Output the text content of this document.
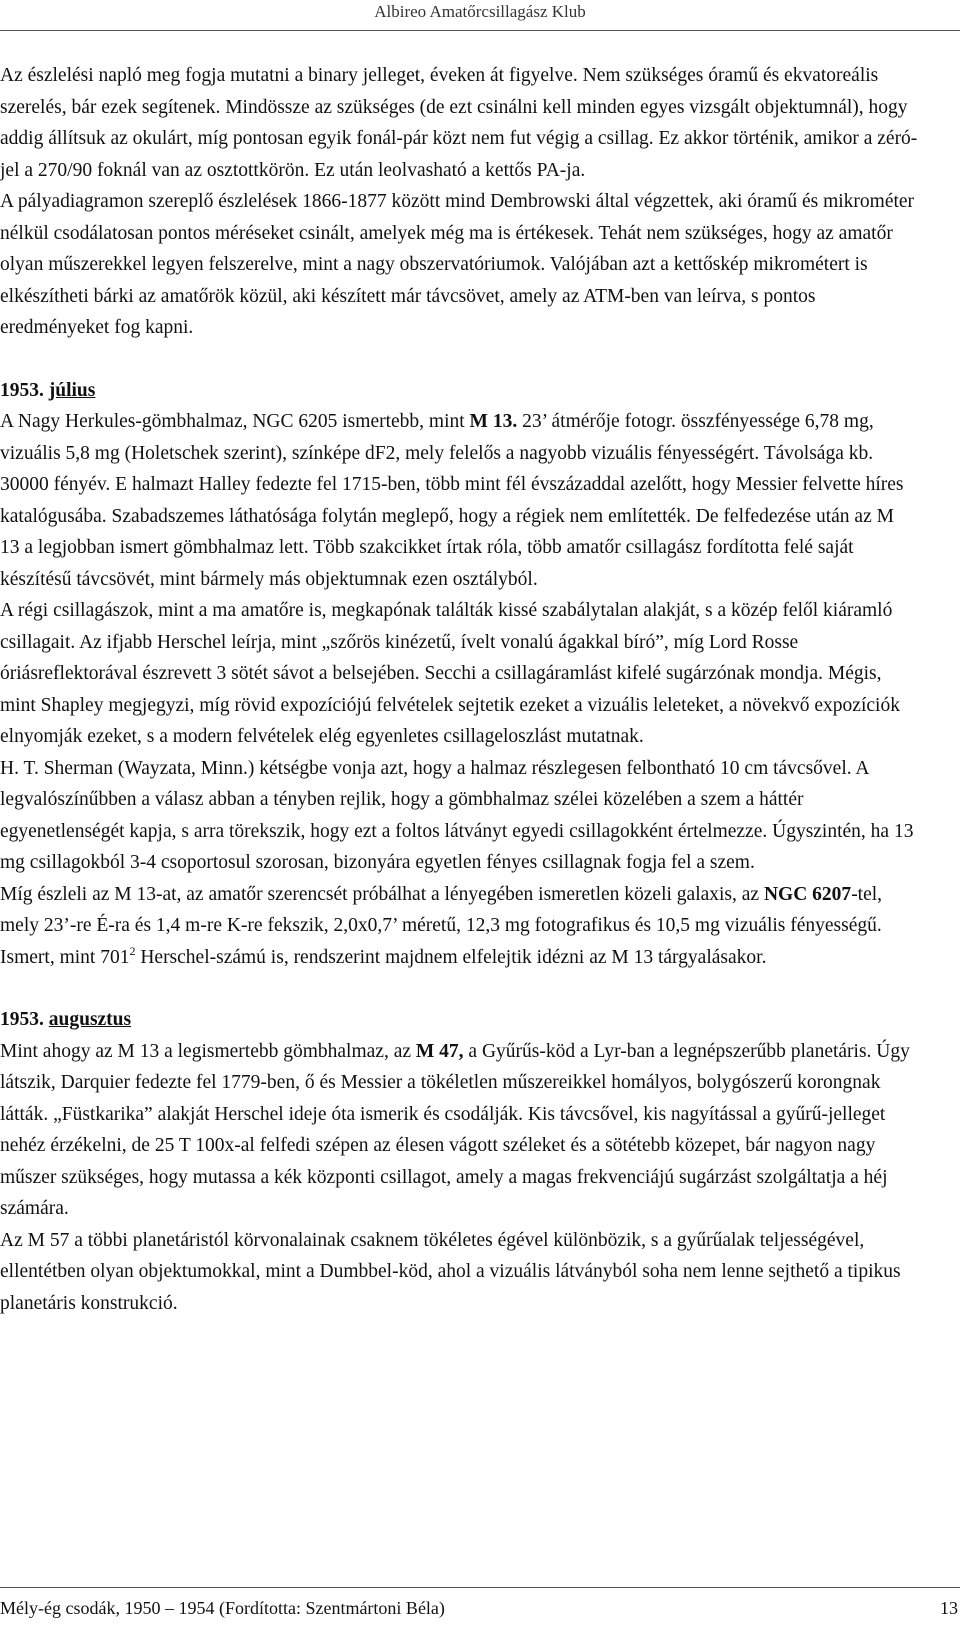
Albireo Amatőrcsillagász Klub

Az észlelési napló meg fogja mutatni a binary jelleget, éveken át figyelve. Nem szükséges óramű és ekvatoreális szerelés, bár ezek segítenek. Mindössze az szükséges (de ezt csinálni kell minden egyes vizsgált objektumnál), hogy addig állítsuk az okulárt, míg pontosan egyik fonál-pár közt nem fut végig a csillag. Ez akkor történik, amikor a zéró-jel a 270/90 foknál van az osztottkörön. Ez után leolvasható a kettős PA-ja.

A pályadiagramon szereplő észlelések 1866-1877 között mind Dembrowski által végzettek, aki óramű és mikrométer nélkül csodálatosan pontos méréseket csinált, amelyek még ma is értékesek. Tehát nem szükséges, hogy az amatőr olyan műszerekkel legyen felszerelve, mint a nagy obszervatóriumok. Valójában azt a kettőskép mikrométert is elkészítheti bárki az amatőrök közül, aki készített már távcsövet, amely az ATM-ben van leírva, s pontos eredményeket fog kapni.

1953. július

A Nagy Herkules-gömbhalmaz, NGC 6205 ismertebb, mint M 13. 23’ átmérője fotogr. összfényessége 6,78 mg, vizuális 5,8 mg (Holetschek szerint), színképe dF2, mely felelős a nagyobb vizuális fényességért. Távolsága kb. 30000 fényév. E halmazt Halley fedezte fel 1715-ben, több mint fél évszázaddal azelőtt, hogy Messier felvette híres katalógusába. Szabadszemes láthatósága folytán meglepő, hogy a régiek nem említették. De felfedezése után az M 13 a legjobban ismert gömbhalmaz lett. Több szakcikket írtak róla, több amatőr csillagász fordította felé saját készítésű távcsövét, mint bármely más objektumnak ezen osztályból.

A régi csillagászok, mint a ma amatőre is, megkapónak találták kissé szabálytalan alakját, s a közép felől kiáramló csillagait. Az ifjabb Herschel leírja, mint „szőrös kinézetű, ívelt vonalú ágakkal bíró”, míg Lord Rosse óriásreflektorával észrevett 3 sötét sávot a belsejében. Secchi a csillagáramlást kifelé sugárzónak mondja. Mégis, mint Shapley megjegyzi, míg rövid expozíciójú felvételek sejtetik ezeket a vizuális leleteket, a növekvő expozíciók elnyomják ezeket, s a modern felvételek elég egyenletes csillageloszlást mutatnak.

H. T. Sherman (Wayzata, Minn.) kétségbe vonja azt, hogy a halmaz részlegesen felbontható 10 cm távcsővel. A legvalószínűbben a válasz abban a tényben rejlik, hogy a gömbhalmaz szélei közelében a szem a háttér egyenetlenségét kapja, s arra törekszik, hogy ezt a foltos látványt egyedi csillagokként értelmezze. Úgyszintén, ha 13 mg csillagokból 3-4 csoportosul szorosan, bizonyára egyetlen fényes csillagnak fogja fel a szem.

Míg észleli az M 13-at, az amatőr szerencsét próbálhat a lényegében ismeretlen közeli galaxis, az NGC 6207-tel, mely 23’-re É-ra és 1,4 m-re K-re fekszik, 2,0x0,7’ méretű, 12,3 mg fotografikus és 10,5 mg vizuális fényességű. Ismert, mint $701^2$ Herschel-számú is, rendszerint majdnem elfelejtik idézni az M 13 tárgyalásakor.

1953. augusztus

Mint ahogy az M 13 a legismertebb gömbhalmaz, az M 47, a Gyűrűs-köd a Lyr-ban a legnépszerűbb planetáris. Úgy látszik, Darquier fedezte fel 1779-ben, ő és Messier a tökéletlen műszereikkel homályos, bolygószerű korongnak látták. „Füstkarika” alakját Herschel ideje óta ismerik és csodálják. Kis távcsővel, kis nagyítással a gyűrű-jelleget nehéz érzékelni, de 25 T 100x-al felfedi szépen az élesen vágott széleket és a sötétebb közepet, bár nagyon nagy műszer szükséges, hogy mutassa a kék központi csillagot, amely a magas frekvenciájú sugárzást szolgáltatja a héj számára.

Az M 57 a többi planetáristól körvonalainak csaknem tökéletes égével különbözik, s a gyűrűalak teljességével, ellentétben olyan objektumokkal, mint a Dumbbel-köd, ahol a vizuális látványból soha nem lenne sejthető a tipikus planetáris konstrukció.

Mély-ég csodák, 1950 – 1954 (Fordította: Szentmártoni Béla)	13
